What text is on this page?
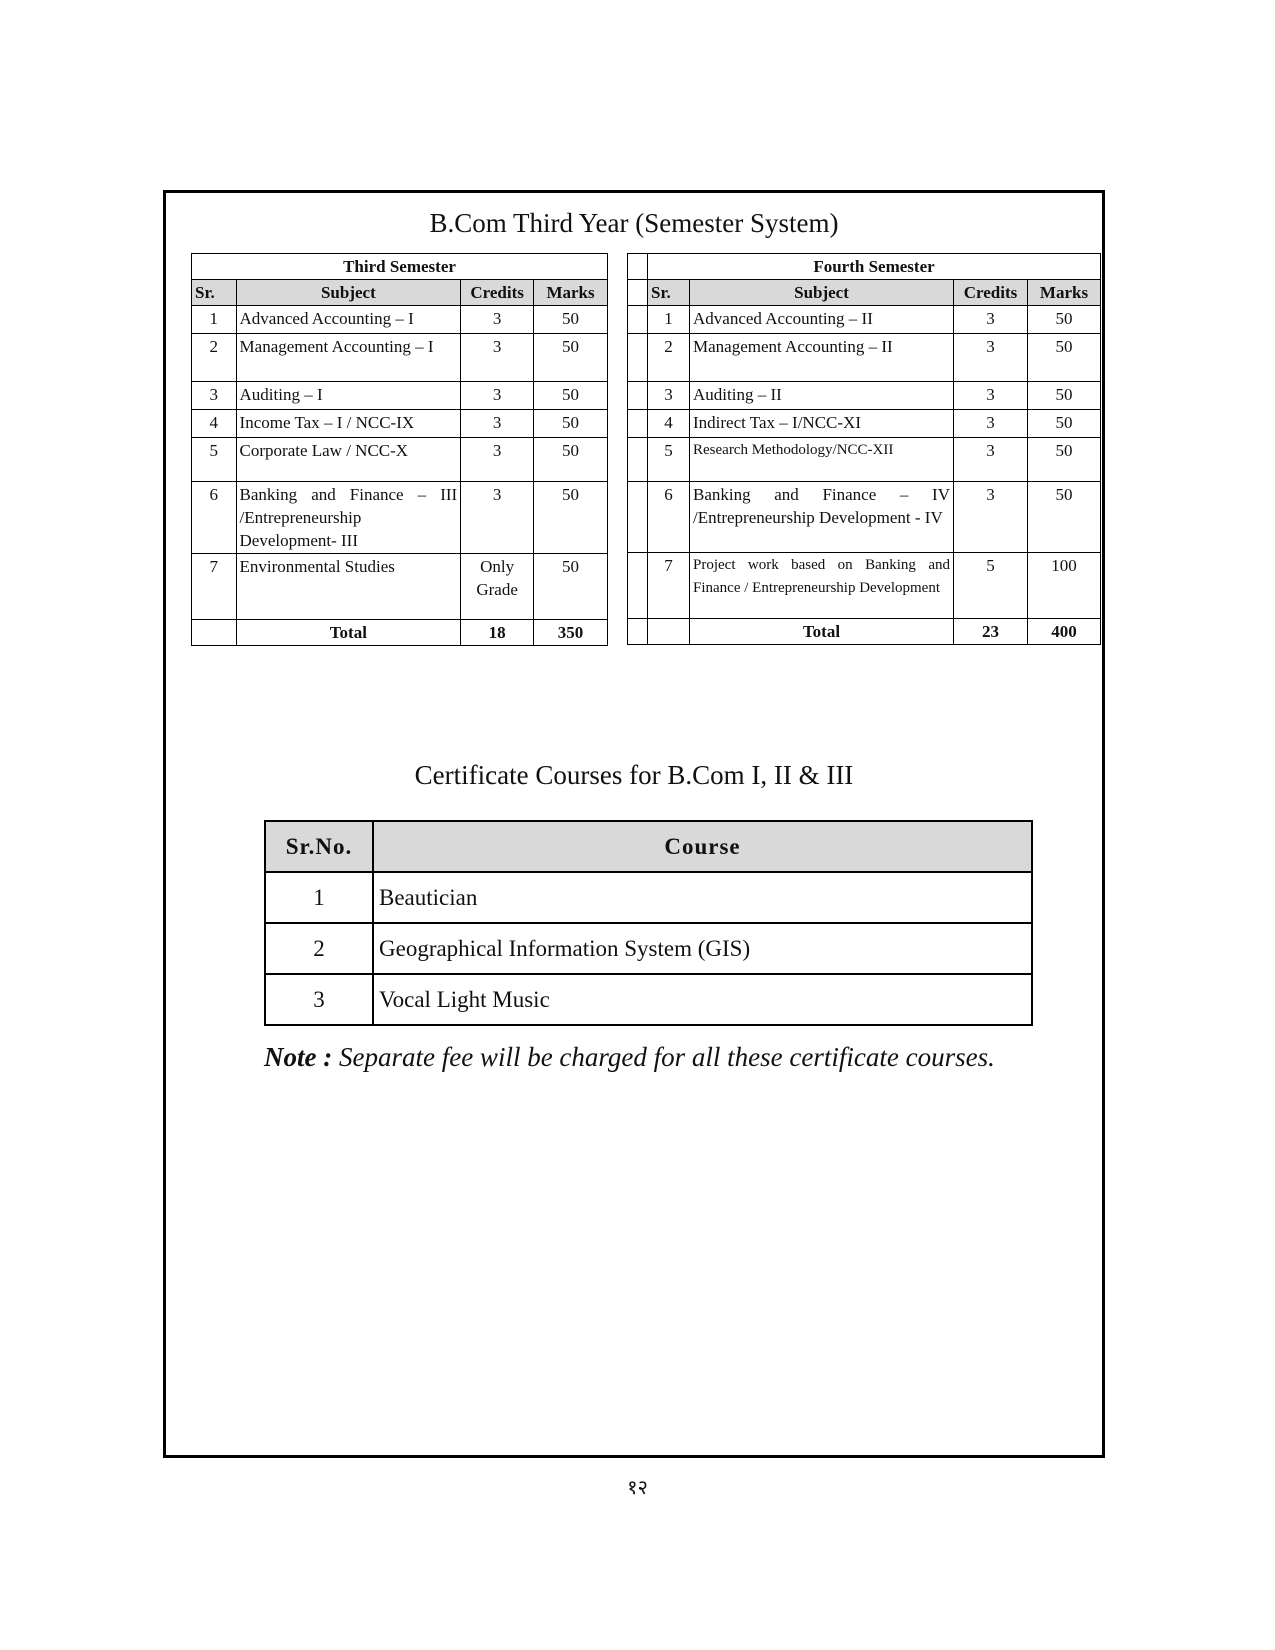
B.Com Third Year (Semester System)
Third Semester			
Sr.	Subject	Credits	Marks
1	Advanced Accounting – I	3	50
2	Management Accounting – I	3	50
3	Auditing – I	3	50
4	Income Tax – I / NCC-IX	3	50
5	Corporate Law / NCC-X	3	50
6	Banking and Finance – III /Entrepreneurship Development- III	3	50
7	Environmental Studies	Only Grade	50
	Total	18	350
	Fourth Semester			
	Sr.	Subject	Credits	Marks
	1	Advanced Accounting – II	3	50
	2	Management Accounting – II	3	50
	3	Auditing – II	3	50
	4	Indirect Tax – I/NCC-XI	3	50
	5	Research Methodology/NCC-XII	3	50
	6	Banking and Finance – IV /Entrepreneurship Development - IV	3	50
	7	Project work based on Banking and Finance / Entrepreneurship Development	5	100
		Total	23	400
Certificate Courses for B.Com I, II & III
Sr.No.	Course
1	Beautician
2	Geographical Information System (GIS)
3	Vocal Light Music
Note : Separate fee will be charged for all these certificate courses.
१२
